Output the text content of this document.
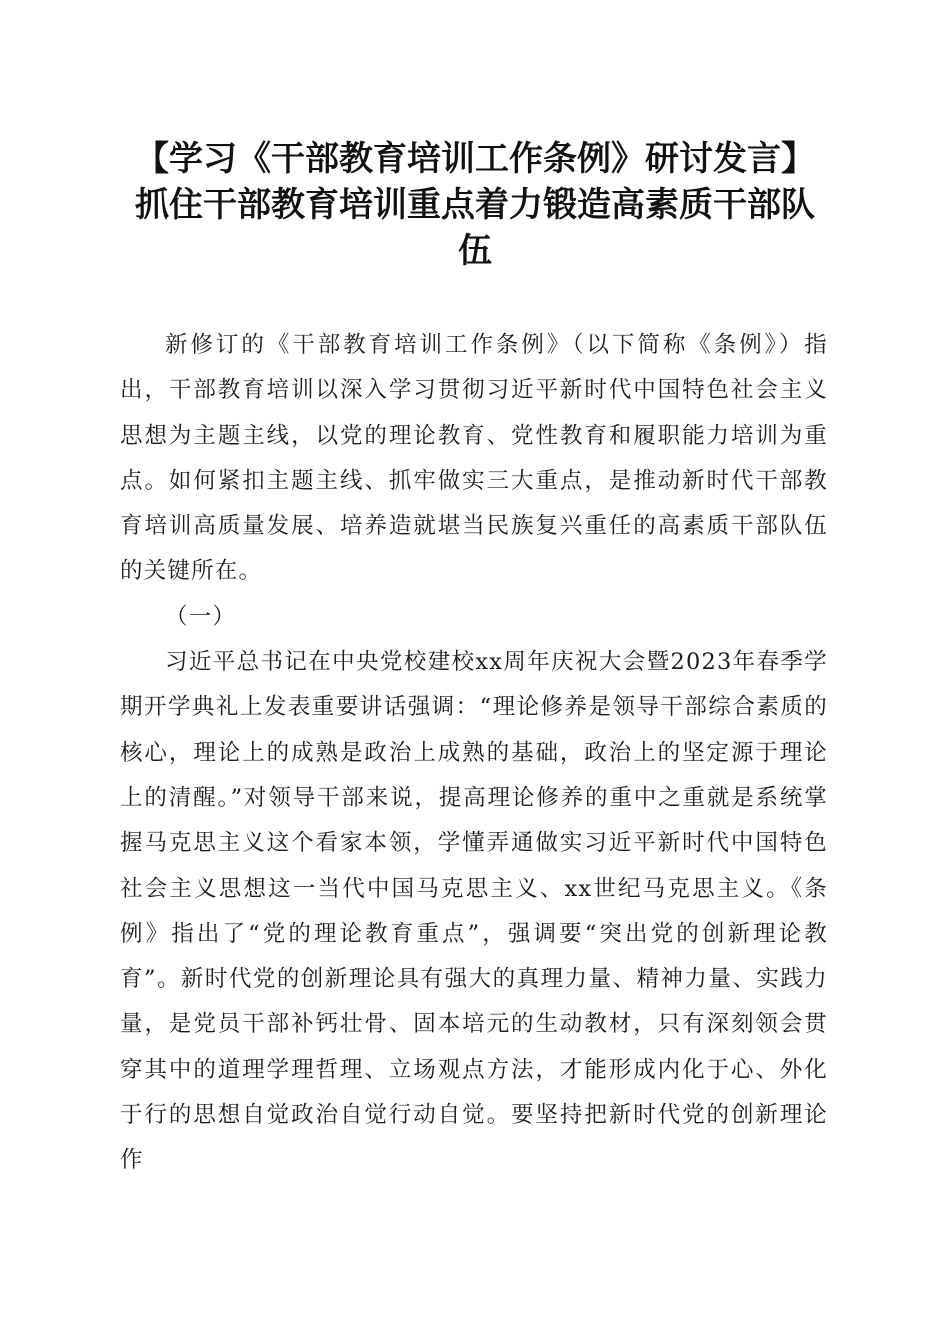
【学习《干部教育培训工作条例》研讨发言】
抓住干部教育培训重点着力锻造高素质干部队
伍

新修订的《干部教育培训工作条例》（以下简称《条例》）指出，干部教育培训以深入学习贯彻习近平新时代中国特色社会主义思想为主题主线，以党的理论教育、党性教育和履职能力培训为重点。如何紧扣主题主线、抓牢做实三大重点，是推动新时代干部教育培训高质量发展、培养造就堪当民族复兴重任的高素质干部队伍的关键所在。

（一）

习近平总书记在中央党校建校xx周年庆祝大会暨2023年春季学期开学典礼上发表重要讲话强调：“理论修养是领导干部综合素质的核心，理论上的成熟是政治上成熟的基础，政治上的坚定源于理论上的清醒。”对领导干部来说，提高理论修养的重中之重就是系统掌握马克思主义这个看家本领，学懂弄通做实习近平新时代中国特色社会主义思想这一当代中国马克思主义、xx世纪马克思主义。《条例》指出了“党的理论教育重点”，强调要“突出党的创新理论教育”。新时代党的创新理论具有强大的真理力量、精神力量、实践力量，是党员干部补钙壮骨、固本培元的生动教材，只有深刻领会贯穿其中的道理学理哲理、立场观点方法，才能形成内化于心、外化于行的思想自觉政治自觉行动自觉。要坚持把新时代党的创新理论作
